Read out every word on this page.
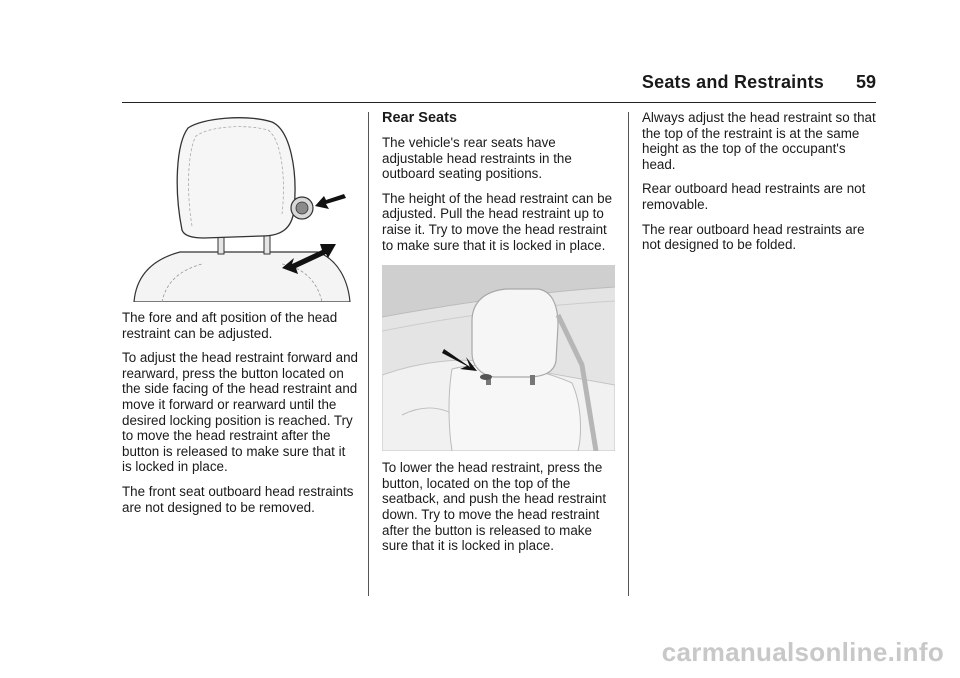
Seats and Restraints 59

The fore and aft position of the head restraint can be adjusted.

To adjust the head restraint forward and rearward, press the button located on the side facing of the head restraint and move it forward or rearward until the desired locking position is reached. Try to move the head restraint after the button is released to make sure that it is locked in place.

The front seat outboard head restraints are not designed to be removed.

Rear Seats

The vehicle's rear seats have adjustable head restraints in the outboard seating positions.

The height of the head restraint can be adjusted. Pull the head restraint up to raise it. Try to move the head restraint to make sure that it is locked in place.

To lower the head restraint, press the button, located on the top of the seatback, and push the head restraint down. Try to move the head restraint after the button is released to make sure that it is locked in place.

Always adjust the head restraint so that the top of the restraint is at the same height as the top of the occupant's head.

Rear outboard head restraints are not removable.

The rear outboard head restraints are not designed to be folded.

carmanualsonline.info
